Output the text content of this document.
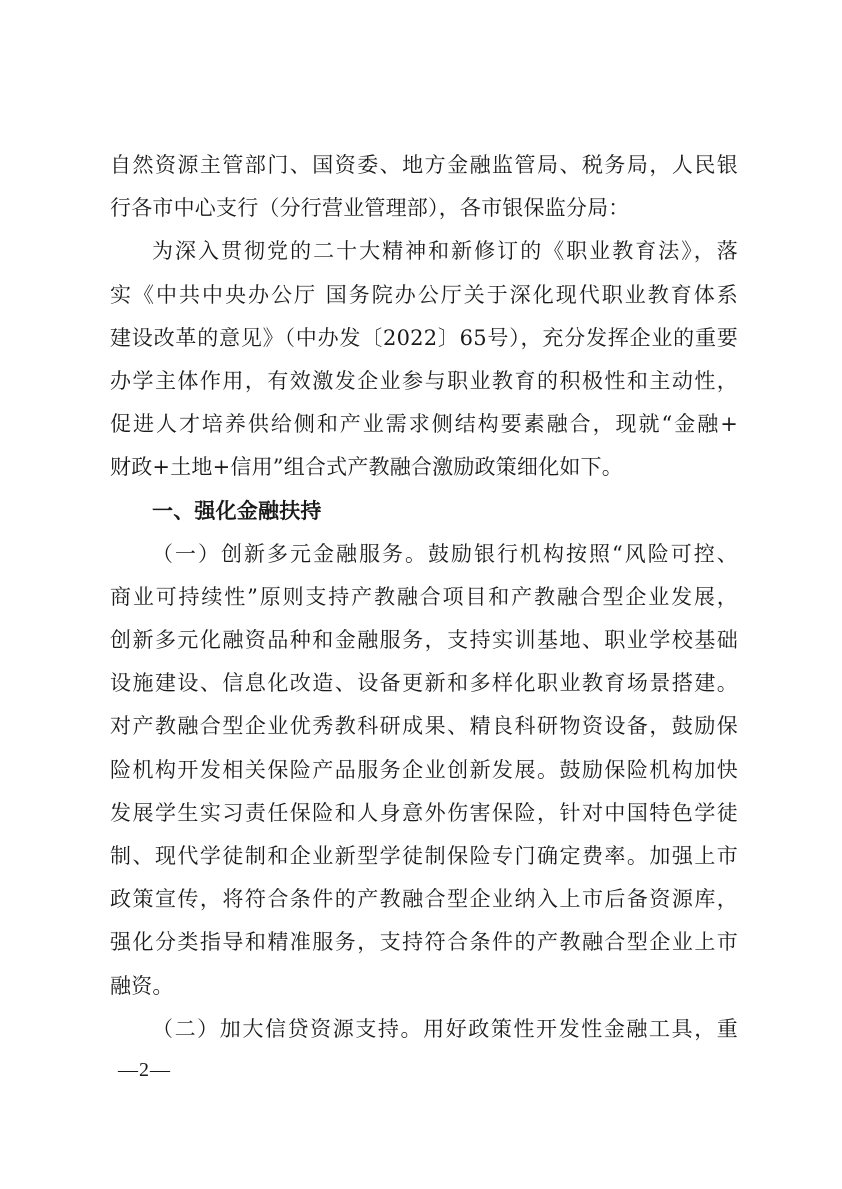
自然资源主管部门、国资委、地方金融监管局、税务局，人民银
行各市中心支行（分行营业管理部），各市银保监分局：
为深入贯彻党的二十大精神和新修订的《职业教育法》，落
实《中共中央办公厅 国务院办公厅关于深化现代职业教育体系
建设改革的意见》（中办发〔2022〕65号），充分发挥企业的重要
办学主体作用，有效激发企业参与职业教育的积极性和主动性，
促进人才培养供给侧和产业需求侧结构要素融合，现就“金融+
财政+土地+信用”组合式产教融合激励政策细化如下。
一、强化金融扶持
（一）创新多元金融服务。鼓励银行机构按照“风险可控、
商业可持续性”原则支持产教融合项目和产教融合型企业发展，
创新多元化融资品种和金融服务，支持实训基地、职业学校基础
设施建设、信息化改造、设备更新和多样化职业教育场景搭建。
对产教融合型企业优秀教科研成果、精良科研物资设备，鼓励保
险机构开发相关保险产品服务企业创新发展。鼓励保险机构加快
发展学生实习责任保险和人身意外伤害保险，针对中国特色学徒
制、现代学徒制和企业新型学徒制保险专门确定费率。加强上市
政策宣传，将符合条件的产教融合型企业纳入上市后备资源库，
强化分类指导和精准服务，支持符合条件的产教融合型企业上市
融资。
（二）加大信贷资源支持。用好政策性开发性金融工具，重
—2—
